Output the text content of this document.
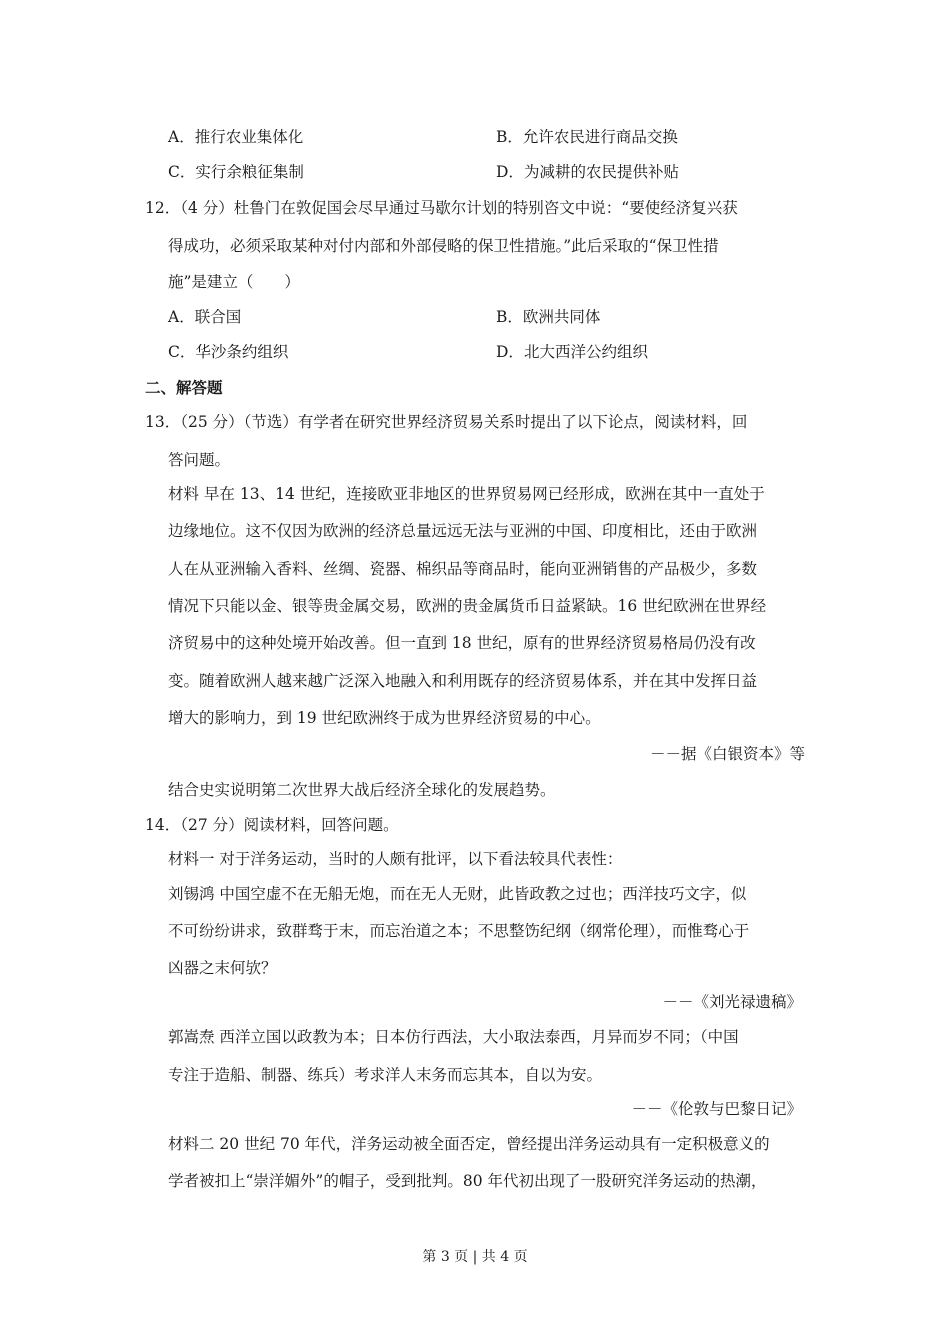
A．推行农业集体化	B．允许农民进行商品交换
C．实行余粮征集制	D．为减耕的农民提供补贴
12．（4 分）杜鲁门在敦促国会尽早通过马歇尔计划的特别咨文中说：“要使经济复兴获
得成功，必须采取某种对付内部和外部侵略的保卫性措施。”此后采取的“保卫性措
施”是建立（　　）
A．联合国	B．欧洲共同体
C．华沙条约组织	D．北大西洋公约组织
二、解答题
13．（25 分）（节选）有学者在研究世界经济贸易关系时提出了以下论点，阅读材料，回
答问题。
材料 早在 13、14 世纪，连接欧亚非地区的世界贸易网已经形成，欧洲在其中一直处于
边缘地位。这不仅因为欧洲的经济总量远远无法与亚洲的中国、印度相比，还由于欧洲
人在从亚洲输入香料、丝绸、瓷器、棉织品等商品时，能向亚洲销售的产品极少，多数
情况下只能以金、银等贵金属交易，欧洲的贵金属货币日益紧缺。16 世纪欧洲在世界经
济贸易中的这种处境开始改善。但一直到 18 世纪，原有的世界经济贸易格局仍没有改
变。随着欧洲人越来越广泛深入地融入和利用既存的经济贸易体系，并在其中发挥日益
增大的影响力，到 19 世纪欧洲终于成为世界经济贸易的中心。
－－据《白银资本》等
结合史实说明第二次世界大战后经济全球化的发展趋势。
14．（27 分）阅读材料，回答问题。
材料一 对于洋务运动，当时的人颇有批评，以下看法较具代表性：
刘锡鸿 中国空虚不在无船无炮，而在无人无财，此皆政教之过也；西洋技巧文字，似
不可纷纷讲求，致群骛于末，而忘治道之本；不思整饬纪纲（纲常伦理），而惟骛心于
凶器之末何欤？
－－《刘光禄遗稿》
郭嵩焘 西洋立国以政教为本；日本仿行西法，大小取法泰西，月异而岁不同；（中国
专注于造船、制器、练兵）考求洋人末务而忘其本，自以为安。
－－《伦敦与巴黎日记》
材料二 20 世纪 70 年代，洋务运动被全面否定，曾经提出洋务运动具有一定积极意义的
学者被扣上“崇洋媚外”的帽子，受到批判。80 年代初出现了一股研究洋务运动的热潮，
第 3 页 | 共 4 页
